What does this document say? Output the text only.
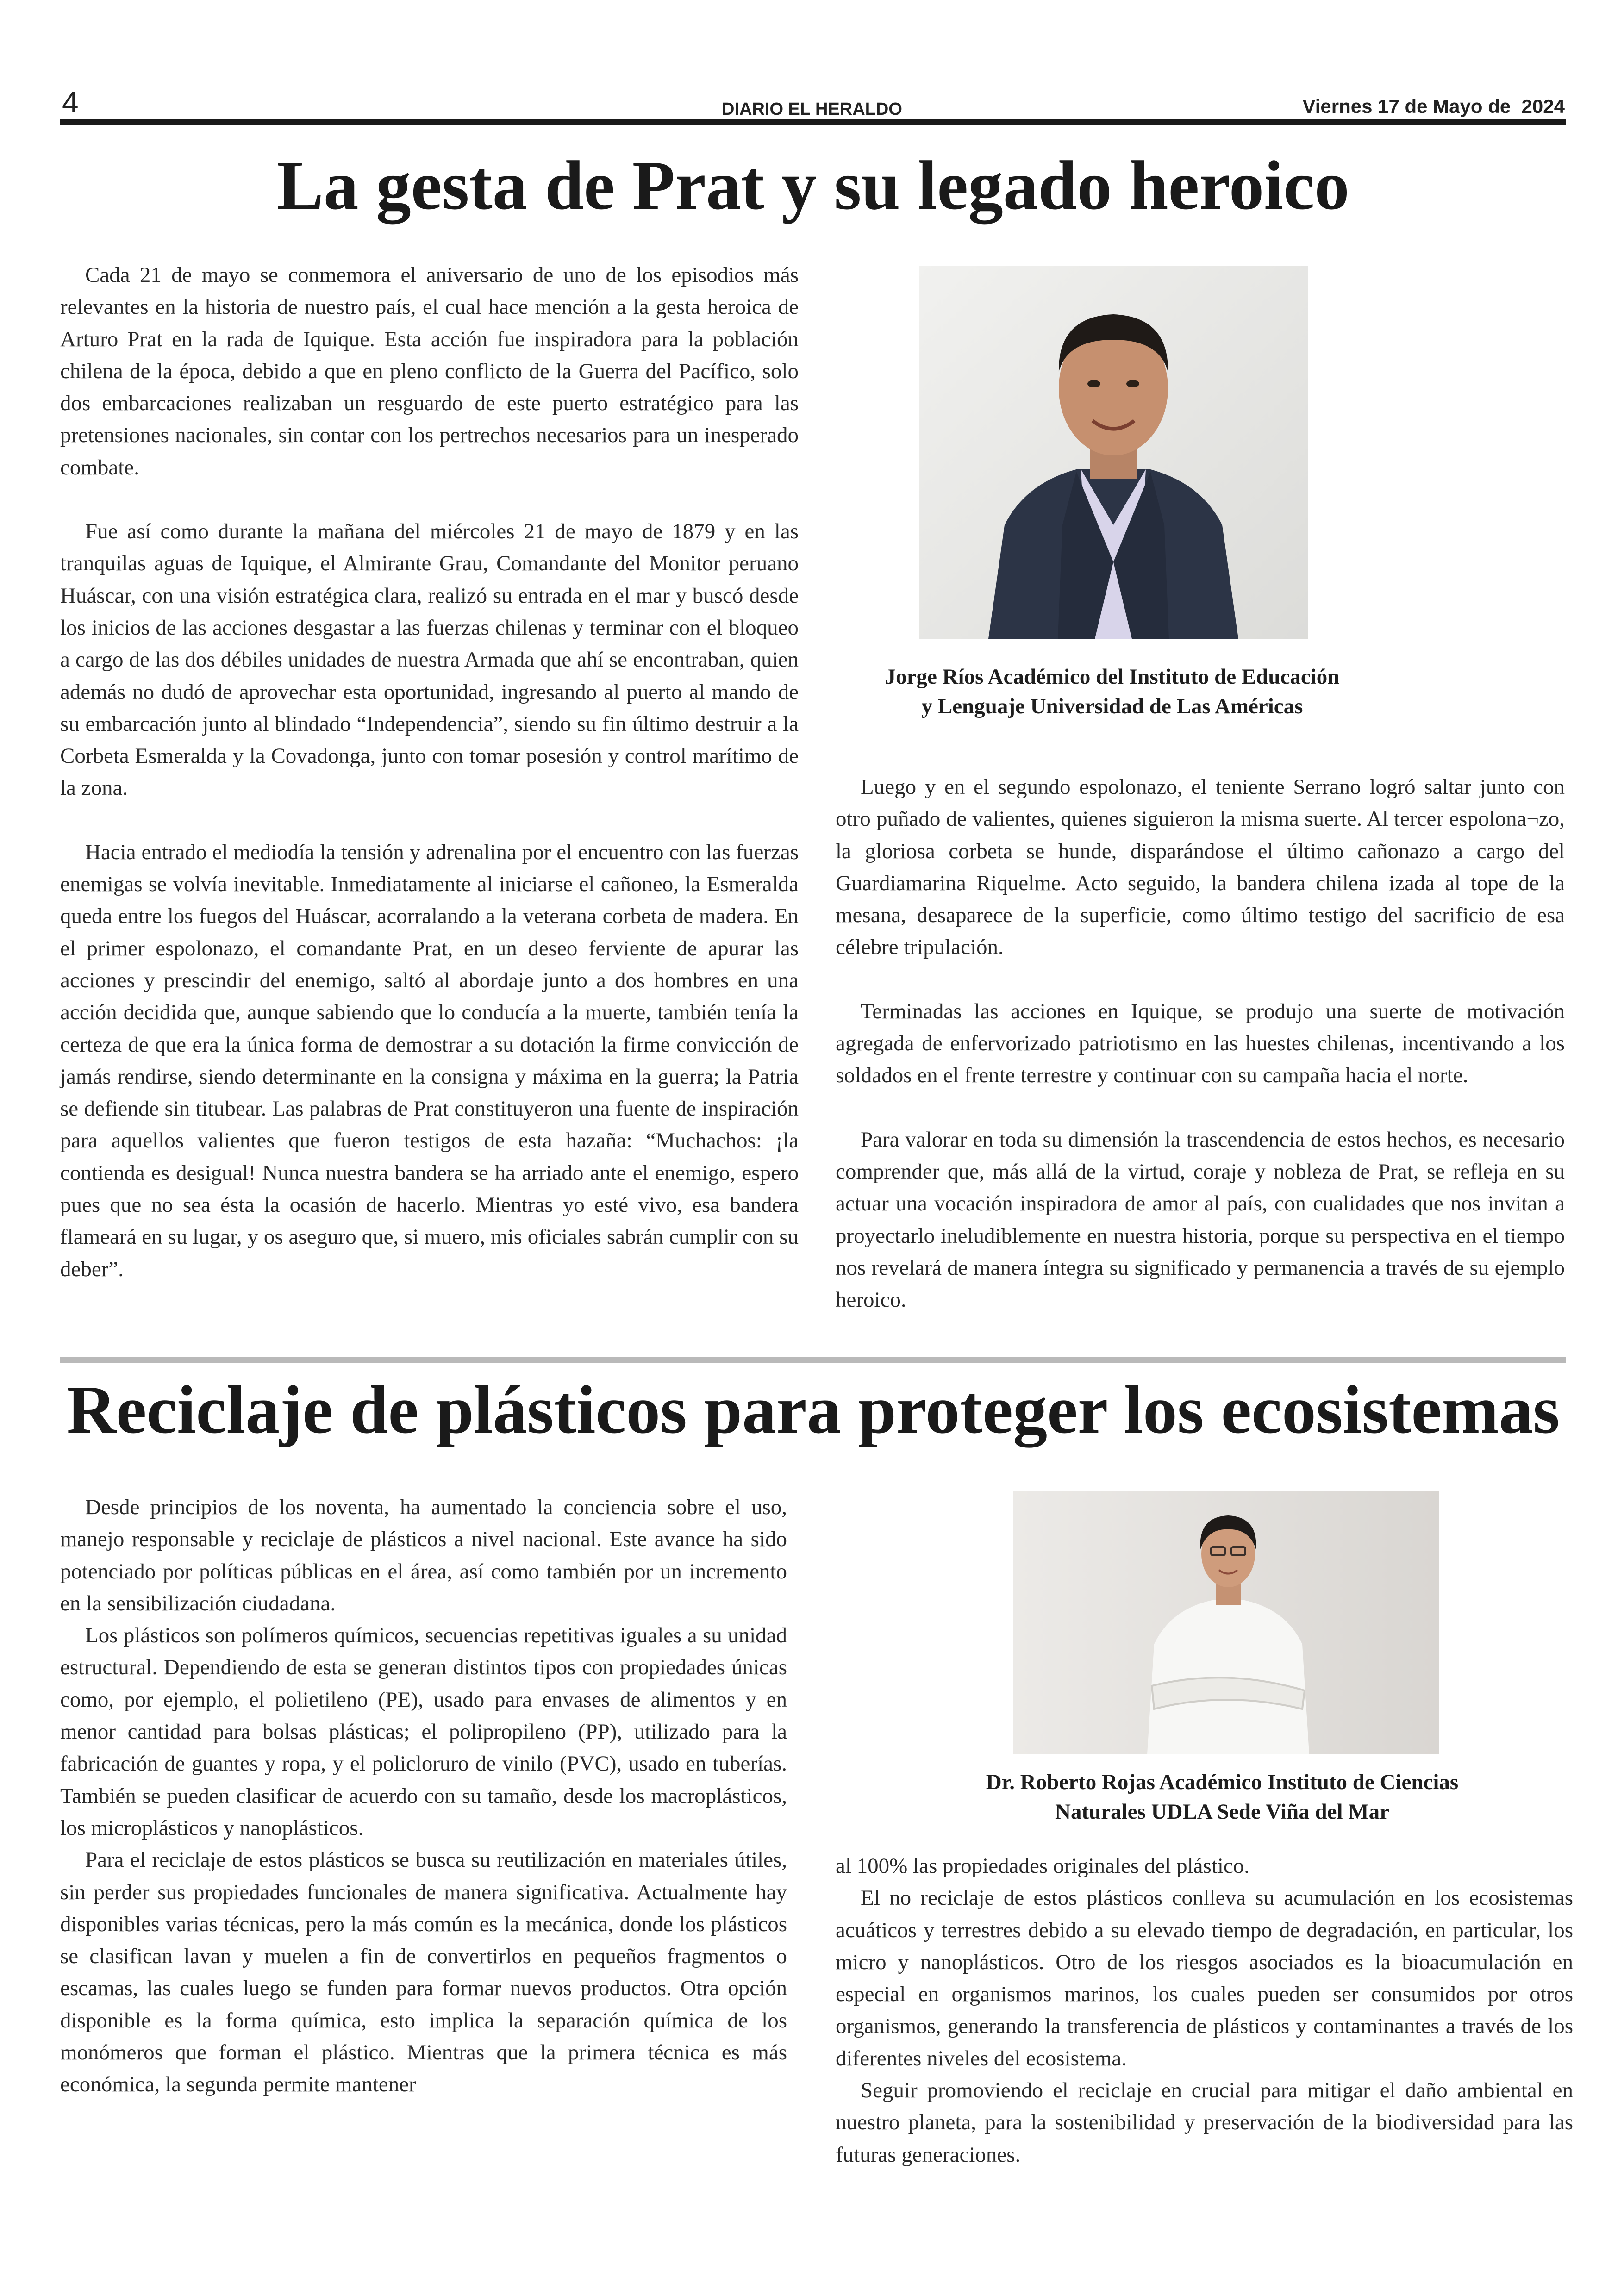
4	DIARIO EL HERALDO	Viernes 17 de Mayo de  2024
La gesta de Prat y su legado heroico

Cada 21 de mayo se conmemora el aniversario de uno de los episodios más relevantes en la historia de nuestro país, el cual hace mención a la gesta heroica de Arturo Prat en la rada de Iquique. Esta acción fue inspiradora para la población chilena de la época, debido a que en pleno conflicto de la Guerra del Pacífico, solo dos embarcaciones realizaban un resguardo de este puerto estratégico para las pretensiones nacionales, sin contar con los pertrechos necesarios para un inesperado combate.

Fue así como durante la mañana del miércoles 21 de mayo de 1879 y en las tranquilas aguas de Iquique, el Almirante Grau, Comandante del Monitor peruano Huáscar, con una visión estratégica clara, realizó su entrada en el mar y buscó desde los inicios de las acciones desgastar a las fuerzas chilenas y terminar con el bloqueo a cargo de las dos débiles unidades de nuestra Armada que ahí se encontraban, quien además no dudó de aprovechar esta oportunidad, ingresando al puerto al mando de su embarcación junto al blindado “Independencia”, siendo su fin último destruir a la Corbeta Esmeralda y la Covadonga, junto con tomar posesión y control marítimo de la zona.

Hacia entrado el mediodía la tensión y adrenalina por el encuentro con las fuerzas enemigas se volvía inevitable. Inmediatamente al iniciarse el cañoneo, la Esmeralda queda entre los fuegos del Huáscar, acorralando a la veterana corbeta de madera. En el primer espolonazo, el comandante Prat, en un deseo ferviente de apurar las acciones y prescindir del enemigo, saltó al abordaje junto a dos hombres en una acción decidida que, aunque sabiendo que lo conducía a la muerte, también tenía la certeza de que era la única forma de demostrar a su dotación la firme convicción de jamás rendirse, siendo determinante en la consigna y máxima en la guerra; la Patria se defiende sin titubear. Las palabras de Prat constituyeron una fuente de inspiración para aquellos valientes que fueron testigos de esta hazaña: “Muchachos: ¡la contienda es desigual! Nunca nuestra bandera se ha arriado ante el enemigo, espero pues que no sea ésta la ocasión de hacerlo. Mientras yo esté vivo, esa bandera flameará en su lugar, y os aseguro que, si muero, mis oficiales sabrán cumplir con su deber”.

Jorge Ríos Académico del Instituto de Educación
y Lenguaje Universidad de Las Américas

Luego y en el segundo espolonazo, el teniente Serrano logró saltar junto con otro puñado de valientes, quienes siguieron la misma suerte. Al tercer espolona¬zo, la gloriosa corbeta se hunde, disparándose el último cañonazo a cargo del Guardiamarina Riquelme. Acto seguido, la bandera chilena izada al tope de la mesana, desaparece de la superficie, como último testigo del sacrificio de esa célebre tripulación.

Terminadas las acciones en Iquique, se produjo una suerte de motivación agregada de enfervorizado patriotismo en las huestes chilenas, incentivando a los soldados en el frente terrestre y continuar con su campaña hacia el norte.

Para valorar en toda su dimensión la trascendencia de estos hechos, es necesario comprender que, más allá de la virtud, coraje y nobleza de Prat, se refleja en su actuar una vocación inspiradora de amor al país, con cualidades que nos invitan a proyectarlo ineludiblemente en nuestra historia, porque su perspectiva en el tiempo nos revelará de manera íntegra su significado y permanencia a través de su ejemplo heroico.

Reciclaje de plásticos para proteger los ecosistemas

Desde principios de los noventa, ha aumentado la conciencia sobre el uso, manejo responsable y reciclaje de plásticos a nivel nacional. Este avance ha sido potenciado por políticas públicas en el área, así como también por un incremento en la sensibilización ciudadana.

Los plásticos son polímeros químicos, secuencias repetitivas iguales a su unidad estructural. Dependiendo de esta se generan distintos tipos con propiedades únicas como, por ejemplo, el polietileno (PE), usado para envases de alimentos y en menor cantidad para bolsas plásticas; el polipropileno (PP), utilizado para la fabricación de guantes y ropa, y el policloruro de vinilo (PVC), usado en tuberías. También se pueden clasificar de acuerdo con su tamaño, desde los macroplásticos, los microplásticos y nanoplásticos.

Para el reciclaje de estos plásticos se busca su reutilización en materiales útiles, sin perder sus propiedades funcionales de manera significativa. Actualmente hay disponibles varias técnicas, pero la más común es la mecánica, donde los plásticos se clasifican lavan y muelen a fin de convertirlos en pequeños fragmentos o escamas, las cuales luego se funden para formar nuevos productos. Otra opción disponible es la forma química, esto implica la separación química de los monómeros que forman el plástico. Mientras que la primera técnica es más económica, la segunda permite mantener

Dr. Roberto Rojas Académico Instituto de Ciencias
Naturales UDLA Sede Viña del Mar

al 100% las propiedades originales del plástico.

El no reciclaje de estos plásticos conlleva su acumulación en los ecosistemas acuáticos y terrestres debido a su elevado tiempo de degradación, en particular, los micro y nanoplásticos. Otro de los riesgos asociados es la bioacumulación en especial en organismos marinos, los cuales pueden ser consumidos por otros organismos, generando la transferencia de plásticos y contaminantes a través de los diferentes niveles del ecosistema.

Seguir promoviendo el reciclaje en crucial para mitigar el daño ambiental en nuestro planeta, para la sostenibilidad y preservación de la biodiversidad para las futuras generaciones.
